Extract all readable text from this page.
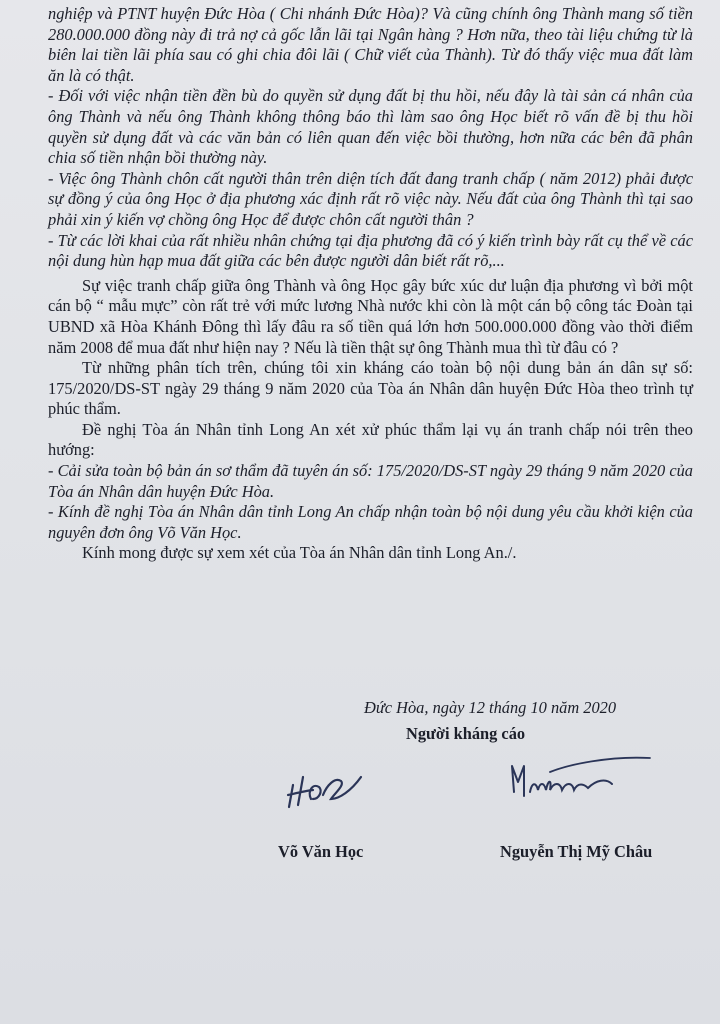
nghiệp và PTNT huyện Đức Hòa ( Chi nhánh Đức Hòa)? Và cũng chính ông Thành mang số tiền 280.000.000 đồng này đi trả nợ cả gốc lẫn lãi tại Ngân hàng ? Hơn nữa, theo tài liệu chứng từ là biên lai tiền lãi phía sau có ghi chia đôi lãi ( Chữ viết của Thành). Từ đó thấy việc mua đất làm ăn là có thật.

- Đối với việc nhận tiền đền bù do quyền sử dụng đất bị thu hồi, nếu đây là tài sản cá nhân của ông Thành và nếu ông Thành không thông báo thì làm sao ông Học biết rõ vấn đề bị thu hồi quyền sử dụng đất và các văn bản có liên quan đến việc bồi thường, hơn nữa các bên đã phân chia số tiền nhận bồi thường này.

- Việc ông Thành chôn cất người thân trên diện tích đất đang tranh chấp ( năm 2012) phải được sự đồng ý của ông Học ở địa phương xác định rất rõ việc này. Nếu đất của ông Thành thì tại sao phải xin ý kiến vợ chồng ông Học để được chôn cất người thân ?

- Từ các lời khai của rất nhiều nhân chứng tại địa phương đã có ý kiến trình bày rất cụ thể về các nội dung hùn hạp mua đất giữa các bên được người dân biết rất rõ,...

Sự việc tranh chấp giữa ông Thành và ông Học gây bức xúc dư luận địa phương vì bởi một cán bộ “ mẫu mực” còn rất trẻ với mức lương Nhà nước khi còn là một cán bộ công tác Đoàn tại UBND xã Hòa Khánh Đông thì lấy đâu ra số tiền quá lớn hơn 500.000.000 đồng vào thời điểm năm 2008 để mua đất như hiện nay ? Nếu là tiền thật sự ông Thành mua thì từ đâu có ?

Từ những phân tích trên, chúng tôi xin kháng cáo toàn bộ nội dung bản án dân sự số: 175/2020/DS-ST ngày 29 tháng 9 năm 2020 của Tòa án Nhân dân huyện Đức Hòa theo trình tự phúc thẩm.

Đề nghị Tòa án Nhân tỉnh Long An xét xử phúc thẩm lại vụ án tranh chấp nói trên theo hướng:

- Cải sửa toàn bộ bản án sơ thẩm đã tuyên án số: 175/2020/DS-ST ngày 29 tháng 9 năm 2020 của Tòa án Nhân dân huyện Đức Hòa.

- Kính đề nghị Tòa án Nhân dân tỉnh Long An chấp nhận toàn bộ nội dung yêu cầu khởi kiện của nguyên đơn ông Võ Văn Học.

Kính mong được sự xem xét của Tòa án Nhân dân tỉnh Long An./.

Đức Hòa, ngày 12 tháng 10 năm 2020
Người kháng cáo
Võ Văn Học	Nguyễn Thị Mỹ Châu
